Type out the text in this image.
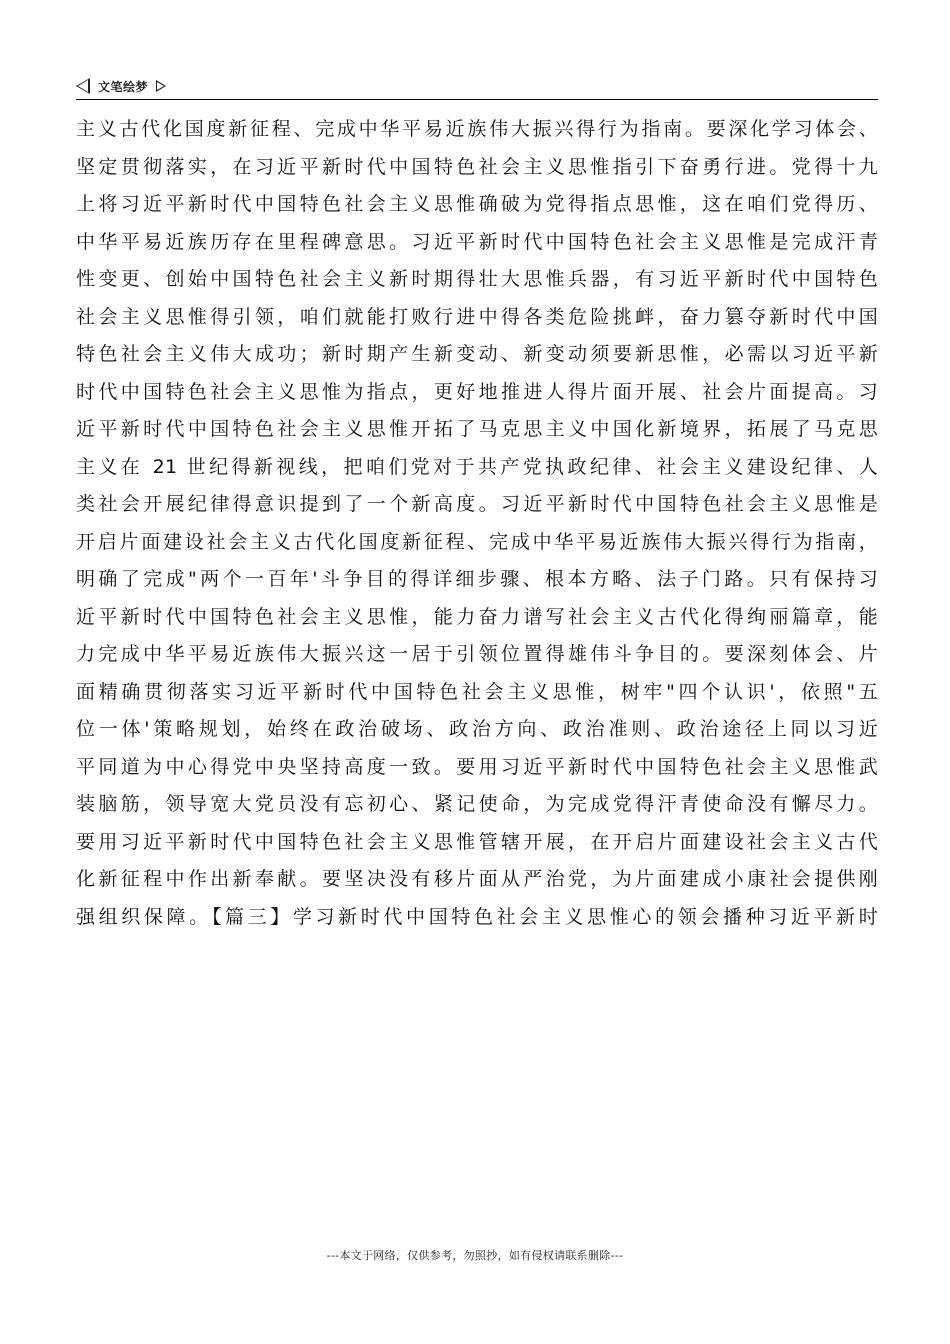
文笔绘梦
主义古代化国度新征程、完成中华平易近族伟大振兴得行为指南。要深化学习体会、
坚定贯彻落实，在习近平新时代中国特色社会主义思惟指引下奋勇行进。党得十九
上将习近平新时代中国特色社会主义思惟确破为党得指点思惟，这在咱们党得历、
中华平易近族历存在里程碑意思。习近平新时代中国特色社会主义思惟是完成汗青
性变更、创始中国特色社会主义新时期得壮大思惟兵器，有习近平新时代中国特色
社会主义思惟得引领，咱们就能打败行进中得各类危险挑衅，奋力篡夺新时代中国
特色社会主义伟大成功；新时期产生新变动、新变动须要新思惟，必需以习近平新
时代中国特色社会主义思惟为指点，更好地推进人得片面开展、社会片面提高。习
近平新时代中国特色社会主义思惟开拓了马克思主义中国化新境界，拓展了马克思
主义在 21 世纪得新视线，把咱们党对于共产党执政纪律、社会主义建设纪律、人
类社会开展纪律得意识提到了一个新高度。习近平新时代中国特色社会主义思惟是
开启片面建设社会主义古代化国度新征程、完成中华平易近族伟大振兴得行为指南，
明确了完成"两个一百年'斗争目的得详细步骤、根本方略、法子门路。只有保持习
近平新时代中国特色社会主义思惟，能力奋力谱写社会主义古代化得绚丽篇章，能
力完成中华平易近族伟大振兴这一居于引领位置得雄伟斗争目的。要深刻体会、片
面精确贯彻落实习近平新时代中国特色社会主义思惟，树牢"四个认识'，依照"五
位一体'策略规划，始终在政治破场、政治方向、政治准则、政治途径上同以习近
平同道为中心得党中央坚持高度一致。要用习近平新时代中国特色社会主义思惟武
装脑筋，领导宽大党员没有忘初心、紧记使命，为完成党得汗青使命没有懈尽力。
要用习近平新时代中国特色社会主义思惟管辖开展，在开启片面建设社会主义古代
化新征程中作出新奉献。要坚决没有移片面从严治党，为片面建成小康社会提供刚
强组织保障。【篇三】学习新时代中国特色社会主义思惟心的领会播种习近平新时
---本文于网络，仅供参考，勿照抄，如有侵权请联系删除---
